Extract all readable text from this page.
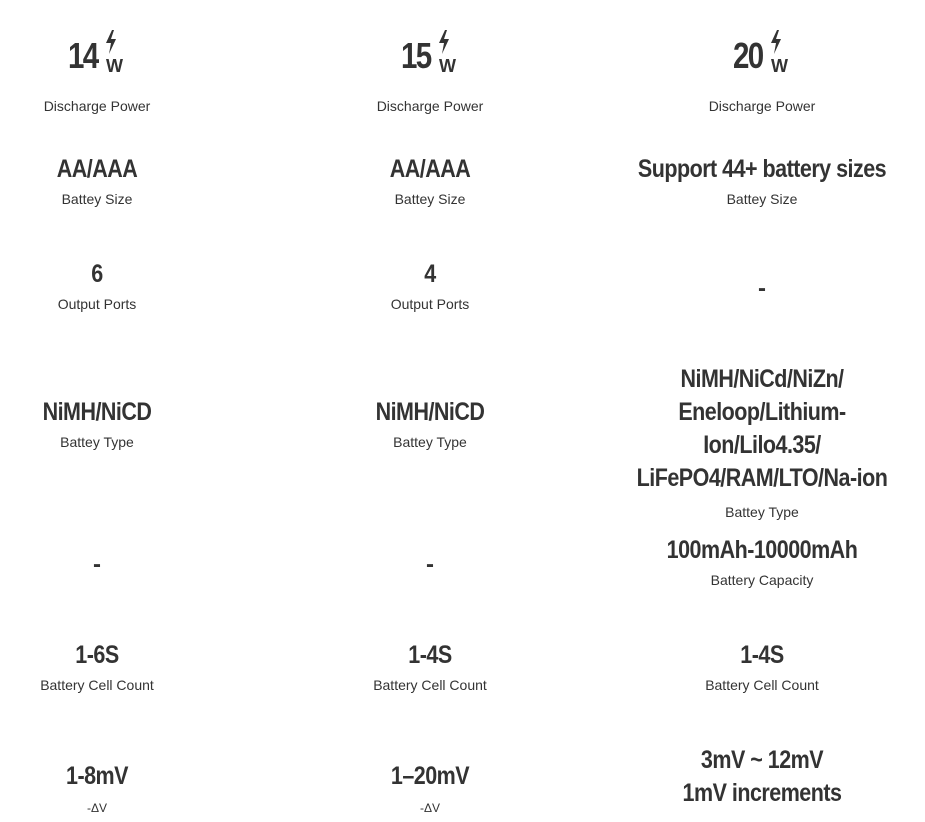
14 W
Discharge Power
AA/AAA
Battey Size
6
Output Ports
NiMH/NiCD
Battey Type
-
1-6S
Battery Cell Count
1-8mV
-ΔV
15 W
Discharge Power
AA/AAA
Battey Size
4
Output Ports
NiMH/NiCD
Battey Type
-
1-4S
Battery Cell Count
1–20mV
-ΔV
20 W
Discharge Power
Support 44+ battery sizes
Battey Size
-
NiMH/NiCd/NiZn/
Eneloop/Lithium-Ion/Lilo4.35/
LiFePO4/RAM/LTO/Na-ion
Battey Type
100mAh-10000mAh
Battery Capacity
1-4S
Battery Cell Count
3mV ~ 12mV
1mV increments
